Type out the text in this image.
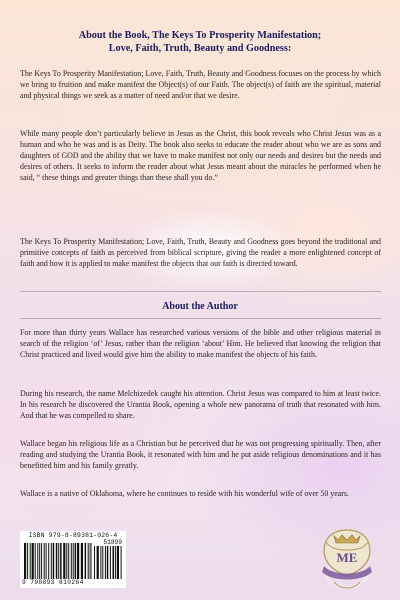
About the Book, The Keys To Prosperity Manifestation;
Love, Faith, Truth, Beauty and Goodness:

The Keys To Prosperity Manifestation; Love, Faith, Truth, Beauty and Goodness focuses on the process by which we bring to fruition and make manifest the Object(s) of our Faith. The object(s) of faith are the spiritual, material and physical things we seek as a matter of need and/or that we desire.

While many people don’t particularly believe in Jesus as the Christ, this book reveals who Christ Jesus was as a human and who he was and is as Deity. The book also seeks to educate the reader about who we are as sons and daughters of GOD and the ability that we have to make manifest not only our needs and desires but the needs and desires of others. It seeks to inform the reader about what Jesus meant about the miracles he performed when he said, “ these things and greater things than these shall you do.”

The Keys To Prosperity Manifestation; Love, Faith, Truth, Beauty and Goodness goes beyond the traditional and primitive concepts of faith as perceived from biblical scripture, giving the reader a more enlightened concept of faith and how it is applied to make manifest the objects that our faith is directed toward.

About the Author

For more than thirty years Wallace has researched various versions of the bible and other religious material in search of the religion ‘of’ Jesus, rather than the religion ‘about’ Him. He believed that knowing the religion that Christ practiced and lived would give him the ability to make manifest the objects of his faith.

During his research, the name Melchizedek caught his attention. Christ Jesus was compared to him at least twice. In his research he discovered the Urantia Book, opening a whole new panorama of truth that resonated with him. And that he was compelled to share.

Wallace began his religious life as a Christian but he perceived that he was not progressing spiritually. Then, after reading and studying the Urantia Book, it resonated with him and he put aside religious denominations and it has benefitted him and his family greatly.

Wallace is a native of Oklahoma, where he continues to reside with his wonderful wife of over 50 years.

ISBN 979-8-89381-026-4
51899
9 798893 810264
ME
MILLENNIAL EXCELLENCE
